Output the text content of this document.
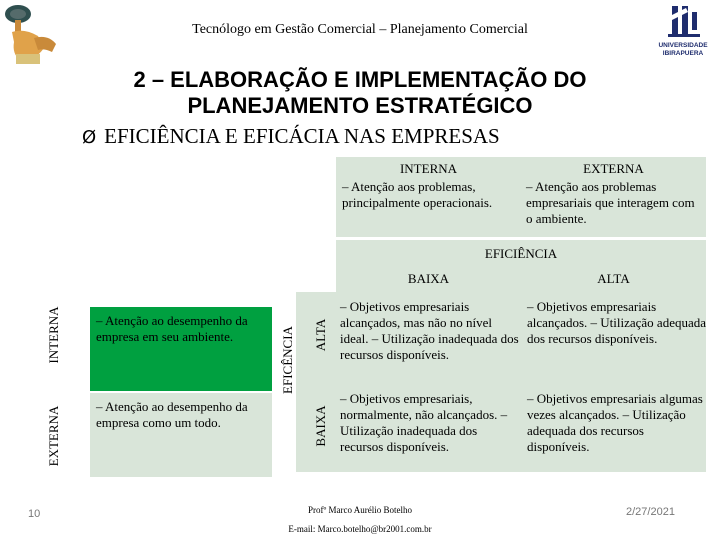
Tecnólogo em Gestão Comercial – Planejamento Comercial
UNIVERSIDADE
IBIRAPUERA
2 – ELABORAÇÃO E IMPLEMENTAÇÃO DO
PLANEJAMENTO ESTRATÉGICO
Ø EFICIÊNCIA E EFICÁCIA NAS EMPRESAS
INTERNA
– Atenção aos problemas, principalmente operacionais.
EXTERNA
– Atenção aos problemas empresariais que interagem com o ambiente.
EFICIÊNCIA
BAIXA	ALTA
EFICÊNCIA ALTA
BAIXA
– Objetivos empresariais alcançados, mas não no nível ideal. – Utilização inadequada dos recursos disponíveis.
– Objetivos empresariais alcançados. – Utilização adequada dos recursos disponíveis.
– Objetivos empresariais, normalmente, não alcançados. – Utilização inadequada dos recursos disponíveis.
– Objetivos empresariais algumas vezes alcançados. – Utilização adequada dos recursos disponíveis.
INTERNA
EXTERNA
– Atenção ao desempenho da empresa em seu ambiente.
– Atenção ao desempenho da empresa como um todo.
10	Profº Marco Aurélio Botelho
E-mail: Marco.botelho@br2001.com.br
2/27/2021
